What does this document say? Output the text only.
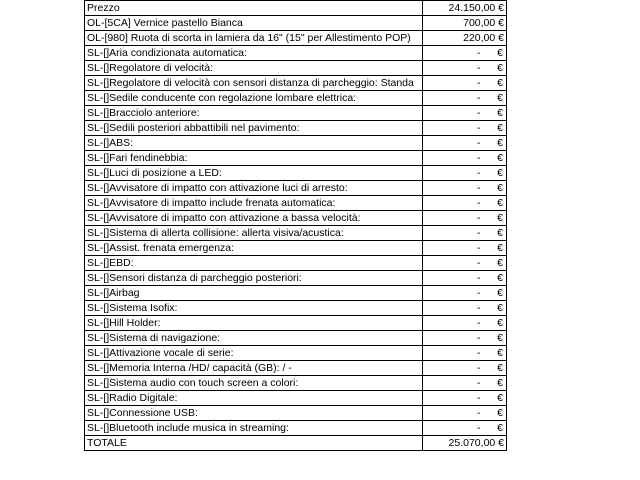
Prezzo	24.150,00 €
OL-[5CA] Vernice pastello Bianca	700,00 €
OL-[980] Ruota di scorta in lamiera da 16" (15" per Allestimento POP)	220,00 €
SL-[]Aria condizionata automatica:	- €

SL-[]Regolatore di velocità:	- €

SL-[]Regolatore di velocità con sensori distanza di parcheggio: Standa	- €

SL-[]Sedile conducente con regolazione lombare elettrica:	- €

SL-[]Bracciolo anteriore:	- €

SL-[]Sedili posteriori abbattibili nel pavimento:	- €

SL-[]ABS:	- €

SL-[]Fari fendinebbia:	- €

SL-[]Luci di posizione a LED:	- €

SL-[]Avvisatore di impatto con attivazione luci di arresto:	- €

SL-[]Avvisatore di impatto include frenata automatica:	- €

SL-[]Avvisatore di impatto con attivazione a bassa velocità:	- €

SL-[]Sistema di allerta collisione: allerta visiva/acustica:	- €

SL-[]Assist. frenata emergenza:	- €

SL-[]EBD:	- €

SL-[]Sensori distanza di parcheggio posteriori:	- €

SL-[]Airbag	- €

SL-[]Sistema Isofix:	- €

SL-[]Hill Holder:	- €

SL-[]Sistema di navigazione:	- €

SL-[]Attivazione vocale di serie:	- €

SL-[]Memoria Interna /HD/ capacità (GB): / -	- €

SL-[]Sistema audio con touch screen a colori:	- €

SL-[]Radio Digitale:	- €

SL-[]Connessione USB:	- €

SL-[]Bluetooth include musica in streaming:	- €

TOTALE	25.070,00 €
